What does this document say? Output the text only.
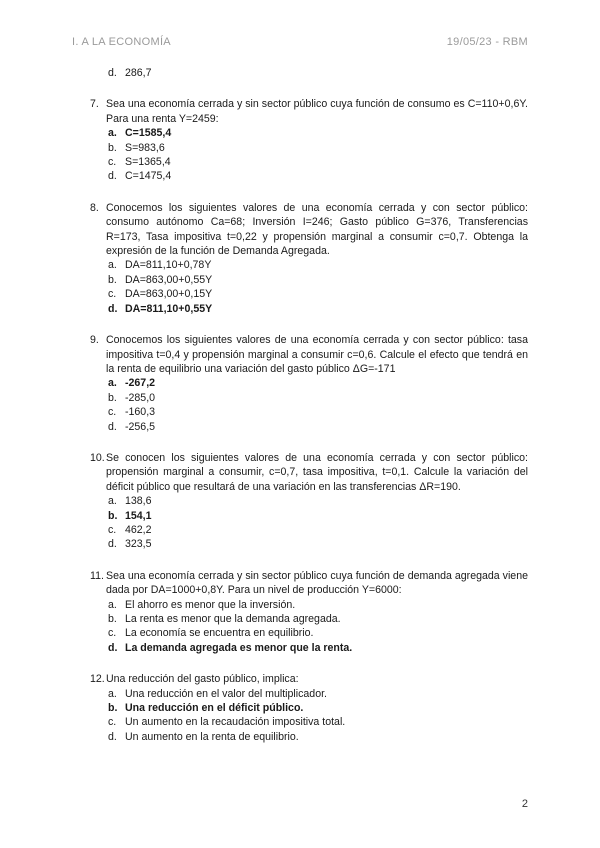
I. A LA ECONOMÍA	19/05/23 - RBM
d. 286,7
7. Sea una economía cerrada y sin sector público cuya función de consumo es C=110+0,6Y. Para una renta Y=2459:
a. C=1585,4
b. S=983,6
c. S=1365,4
d. C=1475,4
8. Conocemos los siguientes valores de una economía cerrada y con sector público: consumo autónomo Ca=68; Inversión I=246; Gasto público G=376, Transferencias R=173, Tasa impositiva t=0,22 y propensión marginal a consumir c=0,7. Obtenga la expresión de la función de Demanda Agregada.
a. DA=811,10+0,78Y
b. DA=863,00+0,55Y
c. DA=863,00+0,15Y
d. DA=811,10+0,55Y
9. Conocemos los siguientes valores de una economía cerrada y con sector público: tasa impositiva t=0,4 y propensión marginal a consumir c=0,6. Calcule el efecto que tendrá en la renta de equilibrio una variación del gasto público ΔG=-171
a. -267,2
b. -285,0
c. -160,3
d. -256,5
10. Se conocen los siguientes valores de una economía cerrada y con sector público: propensión marginal a consumir, c=0,7, tasa impositiva, t=0,1. Calcule la variación del déficit público que resultará de una variación en las transferencias ΔR=190.
a. 138,6
b. 154,1
c. 462,2
d. 323,5
11. Sea una economía cerrada y sin sector público cuya función de demanda agregada viene dada por DA=1000+0,8Y. Para un nivel de producción Y=6000:
a. El ahorro es menor que la inversión.
b. La renta es menor que la demanda agregada.
c. La economía se encuentra en equilibrio.
d. La demanda agregada es menor que la renta.
12. Una reducción del gasto público, implica:
a. Una reducción en el valor del multiplicador.
b. Una reducción en el déficit público.
c. Un aumento en la recaudación impositiva total.
d. Un aumento en la renta de equilibrio.
2
